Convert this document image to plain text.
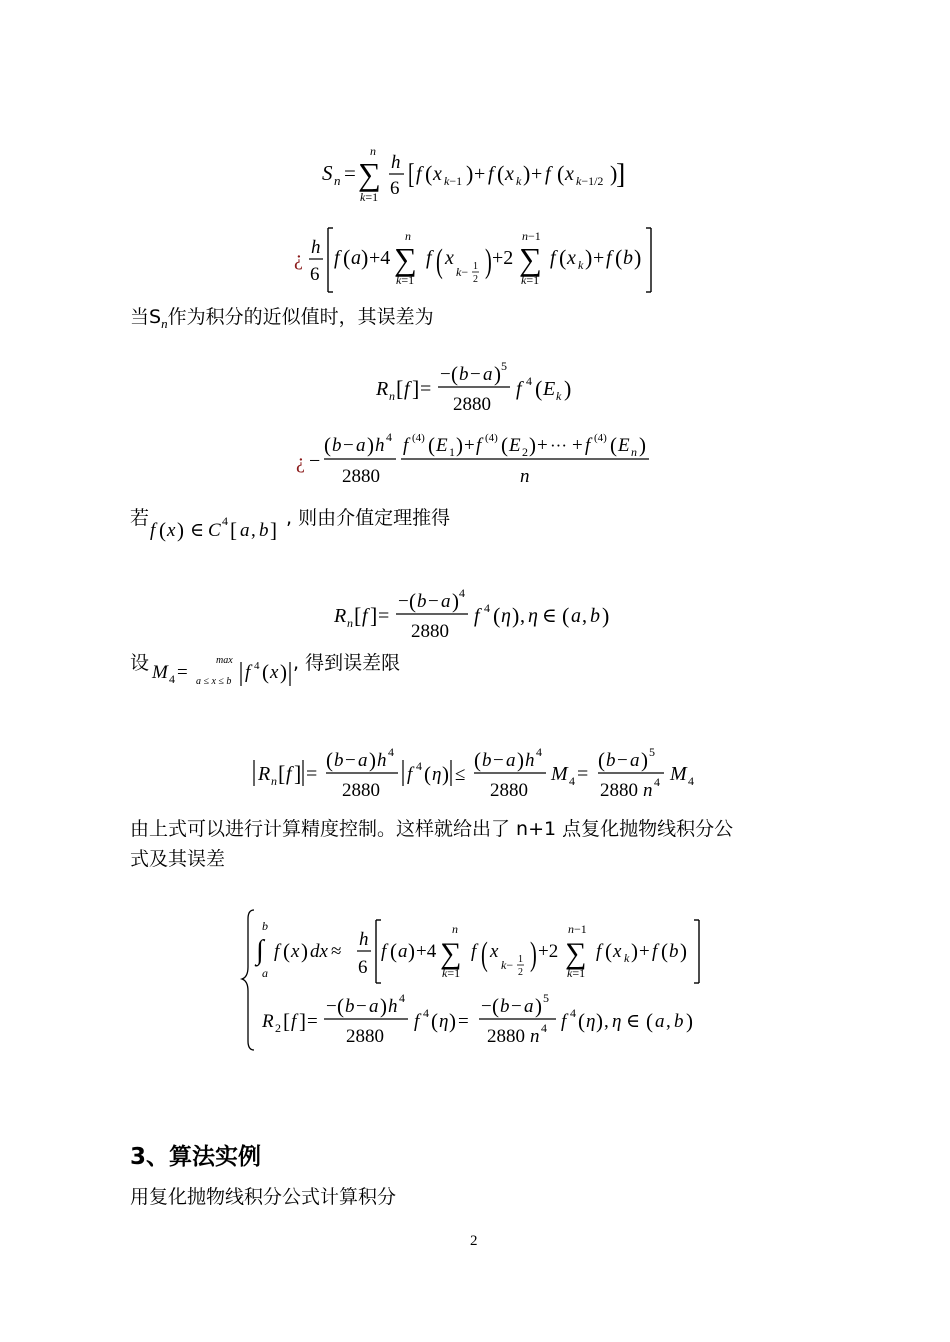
S n =
n
∑
k=1
h
6 [ f ( x k−1 ) + f ( x k ) + f ( x k−1/2 )
]
¿
h
6
f ( a ) +4
n
∑
k=1
f ( x
k− 1
2 ) +2
n−1
∑
k=1
f ( x k ) + f ( b )
当$S_n$作为积分的近似值时，其误差为
R n [ f ] =
− ( b − a ) 5
2880
f 4 ( E k )
¿ −
( b − a ) h 4
2880
f (4) ( E 1 ) + f (4) ( E 2 ) + ··· + f (4) ( E n )
n
若
f ( x ) ∈ C 4 [ a , b ] , 则由介值定理推得
R n [ f ] =
− ( b − a ) 4
2880
f 4 ( η ) , η ∈ ( a , b )
设 M 4 =
max
a ≤ x ≤ b f 4 ( x ) , 得到误差限
R n [ f ] =
( b − a ) h 4
2880
f 4 ( η ) ≤
( b − a ) h 4
2880
M 4 =
( b − a ) 5
2880 n 4 M 4
由上式可以进行计算精度控制。这样就给出了 n+1 点复化抛物线积分公
式及其误差
b
∫
a
f ( x ) dx ≈
h
6
f ( a ) +4
n
∑
k=1
f ( x
k− 1
2 ) +2
n−1
∑
k=1
f ( x k ) + f ( b )
R 2 [ f ] =
− ( b − a ) h 4
2880
f 4 ( η ) =
− ( b − a ) 5
2880 n 4 f 4 ( η ) , η ∈ ( a , b )
3、算法实例
用复化抛物线积分公式计算积分
2
